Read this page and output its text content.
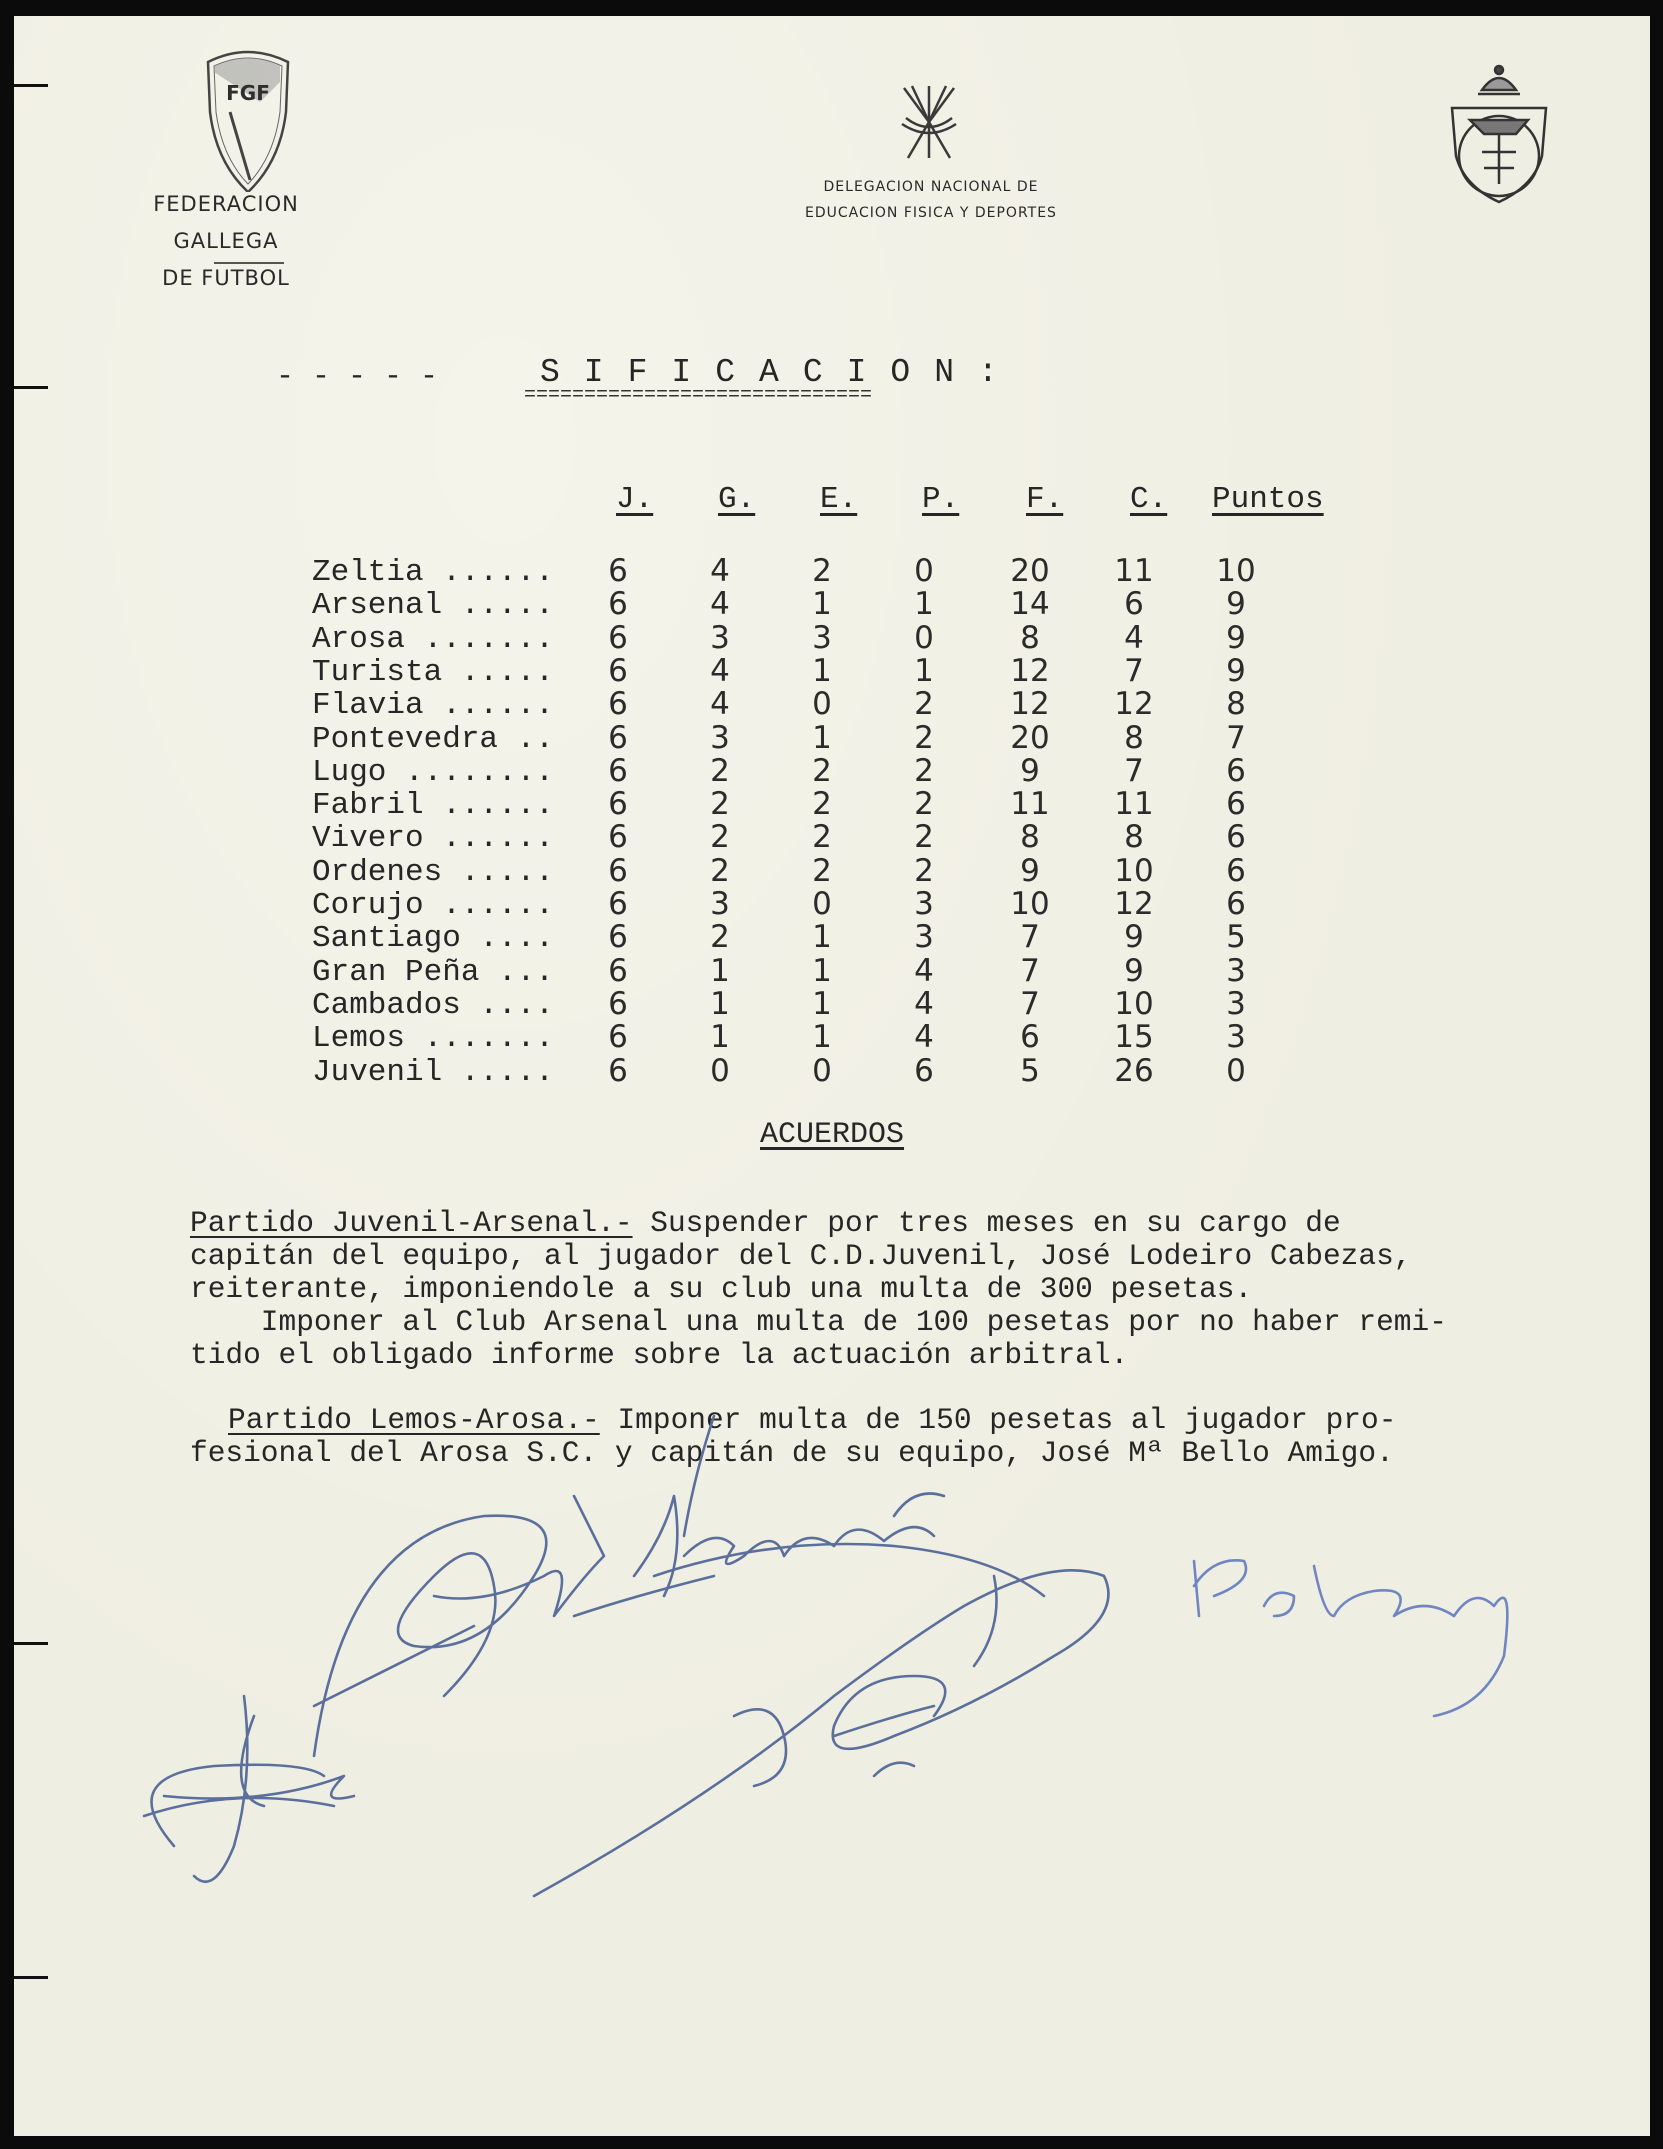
FGF
FEDERACION GALLEGA
DE FUTBOL
DELEGACION NACIONAL DE
EDUCACION FISICA Y DEPORTES
-----	SIFICACION:
=============================
J. G. E. P. F. C. Puntos
Zeltia ......	6	4	2	0	20	11	10
Arsenal .....	6	4	1	1	14	6	9
Arosa .......	6	3	3	0	8	4	9
Turista .....	6	4	1	1	12	7	9
Flavia ......	6	4	0	2	12	12	8
Pontevedra ..	6	3	1	2	20	8	7
Lugo ........	6	2	2	2	9	7	6
Fabril ......	6	2	2	2	11	11	6
Vivero ......	6	2	2	2	8	8	6
Ordenes .....	6	2	2	2	9	10	6
Corujo ......	6	3	0	3	10	12	6
Santiago ....	6	2	1	3	7	9	5
Gran Peña ...	6	1	1	4	7	9	3
Cambados ....	6	1	1	4	7	10	3
Lemos .......	6	1	1	4	6	15	3
Juvenil .....	6	0	0	6	5	26	0
ACUERDOS
Partido Juvenil-Arsenal.- Suspender por tres meses en su cargo de
capitán del equipo, al jugador del C.D.Juvenil, José Lodeiro Cabezas,
reiterante, imponiendole a su club una multa de 300 pesetas.
Imponer al Club Arsenal una multa de 100 pesetas por no haber remi-
tido el obligado informe sobre la actuación arbitral.
Partido Lemos-Arosa.- Imponer multa de 150 pesetas al jugador pro-
fesional del Arosa S.C. y capitán de su equipo, José Mª Bello Amigo.
